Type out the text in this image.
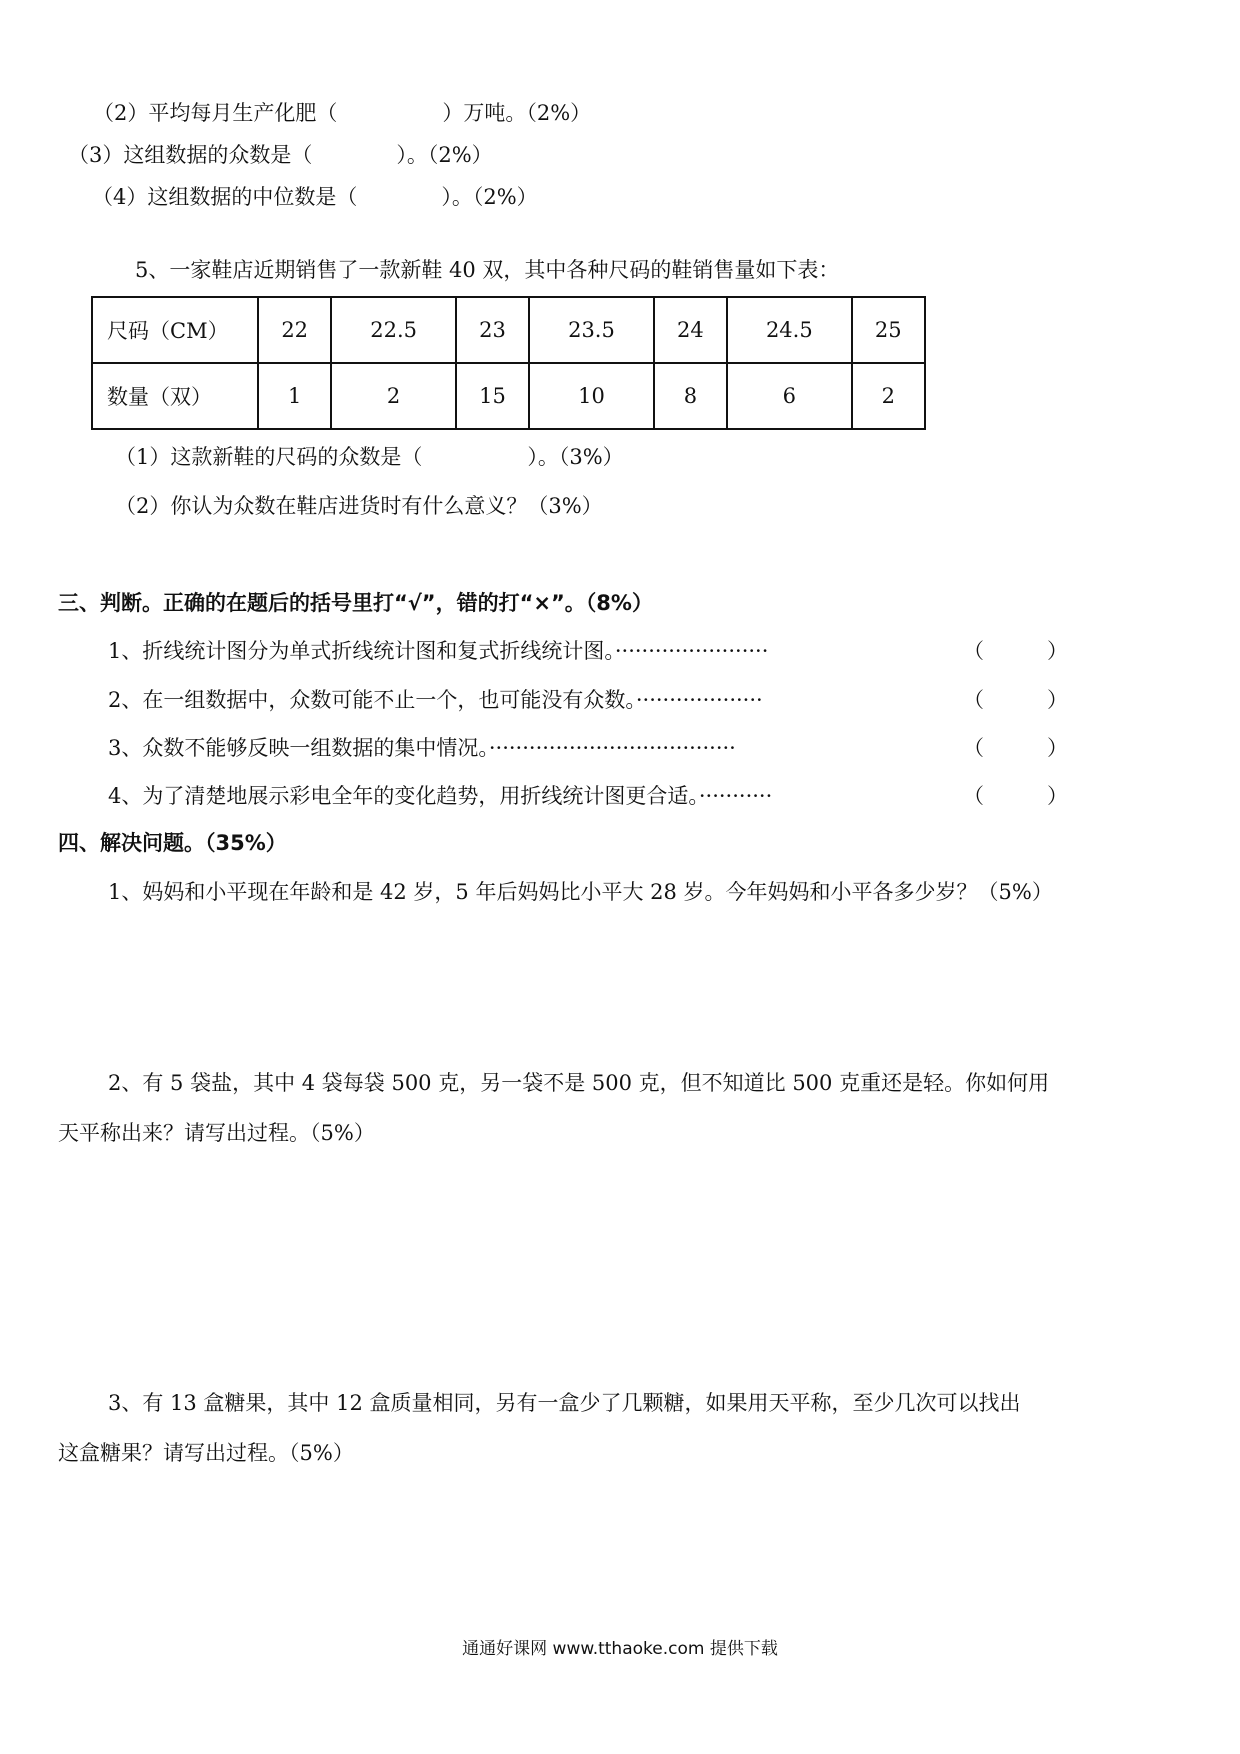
（2）平均每月生产化肥（　　　　　）万吨。（2%）
（3）这组数据的众数是（　　　　）。（2%）
（4）这组数据的中位数是（　　　　）。（2%）
5、一家鞋店近期销售了一款新鞋 40 双，其中各种尺码的鞋销售量如下表：
尺码（CM）	22	22.5	23	23.5	24	24.5	25
数量（双）	1	2	15	10	8	6	2
（1）这款新鞋的尺码的众数是（　　　　　）。（3%）
（2）你认为众数在鞋店进货时有什么意义？（3%）
三、判断。正确的在题后的括号里打“√”，错的打“×”。（8%）
1、折线统计图分为单式折线统计图和复式折线统计图。·······················	（　　　）
2、在一组数据中，众数可能不止一个，也可能没有众数。···················	（　　　）
3、众数不能够反映一组数据的集中情况。·····································	（　　　）
4、为了清楚地展示彩电全年的变化趋势，用折线统计图更合适。···········	（　　　）
四、解决问题。（35%）
1、妈妈和小平现在年龄和是 42 岁，5 年后妈妈比小平大 28 岁。今年妈妈和小平各多少岁？（5%）
2、有 5 袋盐，其中 4 袋每袋 500 克，另一袋不是 500 克，但不知道比 500 克重还是轻。你如何用
天平称出来？请写出过程。（5%）
3、有 13 盒糖果，其中 12 盒质量相同，另有一盒少了几颗糖，如果用天平称，至少几次可以找出
这盒糖果？请写出过程。（5%）
通通好课网 www.tthaoke.com 提供下载
